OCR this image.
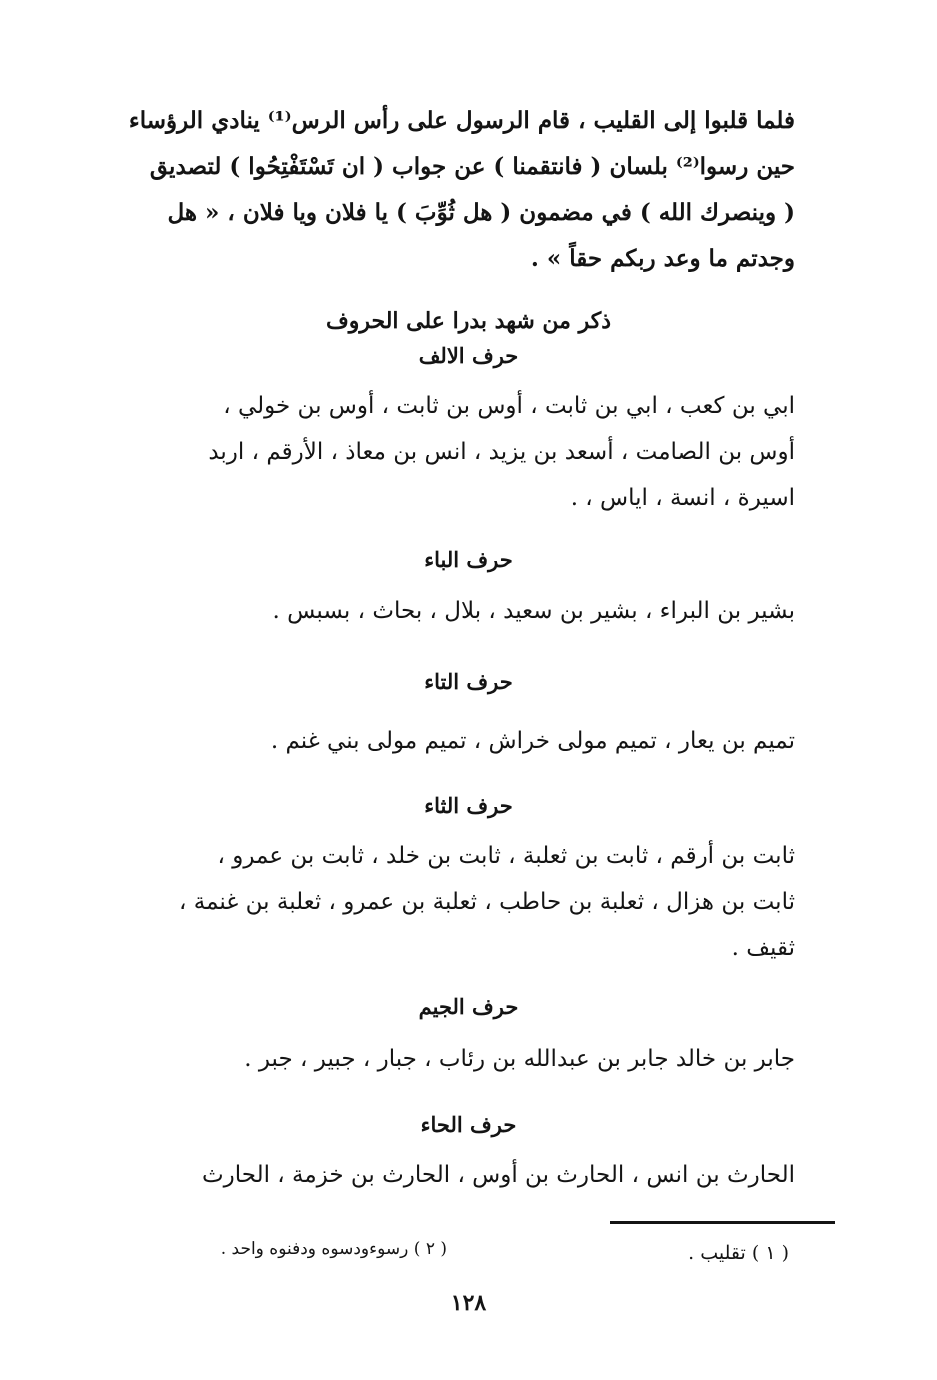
فلما قلبوا إلى القليب ، قام الرسول على رأس الرس⁽¹⁾ ينادي الرؤساء
حين رسوا⁽²⁾ بلسان ( فانتقمنا ) عن جواب ( ان تَسْتَفْتِحُوا ) لتصديق
( وينصرك الله ) في مضمون ( هل ثُوِّبَ ) يا فلان ويا فلان ، « هل
وجدتم ما وعد ربكم حقاً » .
ذكر من شهد بدرا على الحروف
حرف الالف
ابي بن كعب ، ابي بن ثابت ، أوس بن ثابت ، أوس بن خولي ،
أوس بن الصامت ، أسعد بن يزيد ، انس بن معاذ ، الأرقم ، اربد
اسيرة ، انسة ، اياس ، .
حرف الباء
بشير بن البراء ، بشير بن سعيد ، بلال ، بحاث ، بسبس .
حرف التاء
تميم بن يعار ، تميم مولى خراش ، تميم مولى بني غنم .
حرف الثاء
ثابت بن أرقم ، ثابت بن ثعلبة ، ثابت بن خلد ، ثابت بن عمرو ،
ثابت بن هزال ، ثعلبة بن حاطب ، ثعلبة بن عمرو ، ثعلبة بن غنمة ،
ثقيف .
حرف الجيم
جابر بن خالد جابر بن عبدالله بن رئاب ، جبار ، جبير ، جبر .
حرف الحاء
الحارث بن انس ، الحارث بن أوس ، الحارث بن خزمة ، الحارث
( ١ ) تقليب .
( ٢ ) رسوءودسوه ودفنوه واحد .
١٢٨
